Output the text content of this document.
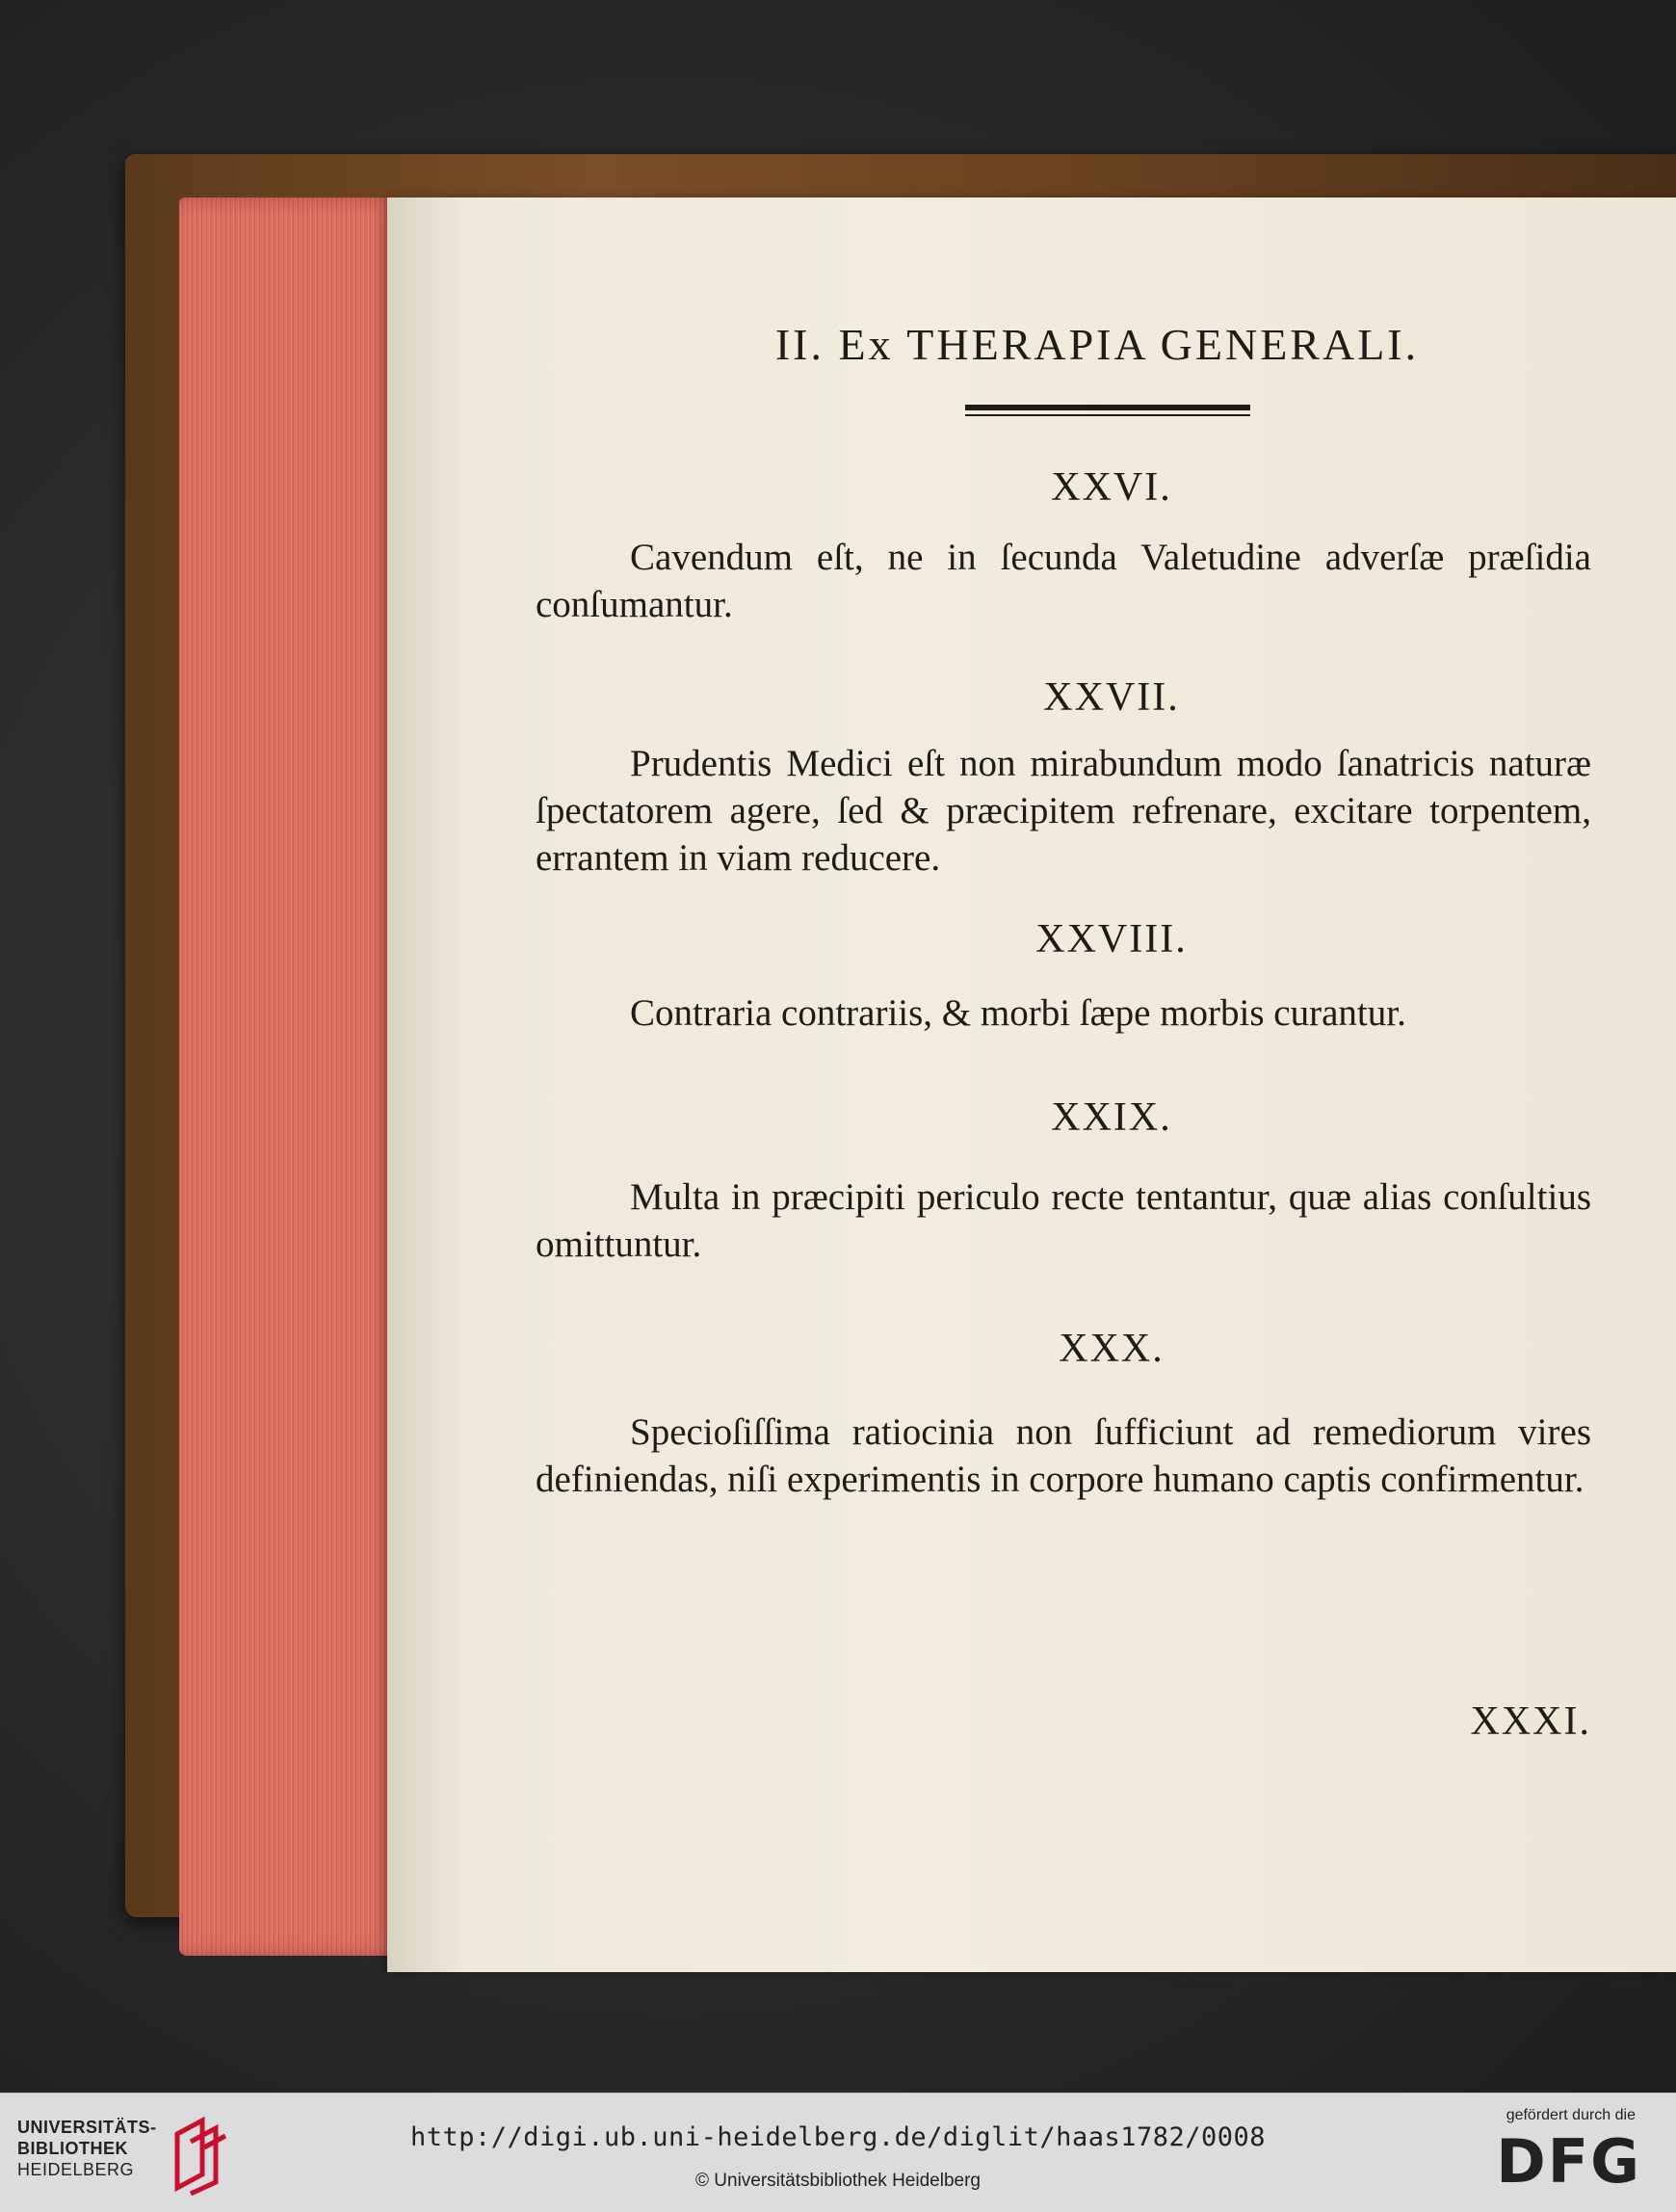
II. Ex THERAPIA GENERALI.
XXVI.

Cavendum eſt, ne in ſecunda Valetudine adverſæ præſidia conſumantur.

XXVII.

Prudentis Medici eſt non mirabundum modo ſanatricis naturæ ſpectatorem agere, ſed & præcipitem refrenare, excitare torpentem, errantem in viam reducere.

XXVIII.

Contraria contrariis, & morbi ſæpe morbis curantur.

XXIX.

Multa in præcipiti periculo recte tentantur, quæ alias conſultius omittuntur.

XXX.

Specioſiſſima ratiocinia non ſufficiunt ad remediorum vires definiendas, niſi experimentis in corpore humano captis confirmentur.

XXXI.
UNIVERSITÄTS-
BIBLIOTHEK
HEIDELBERG
http://digi.ub.uni-heidelberg.de/diglit/haas1782/0008
© Universitätsbibliothek Heidelberg
gefördert durch die
DFG
